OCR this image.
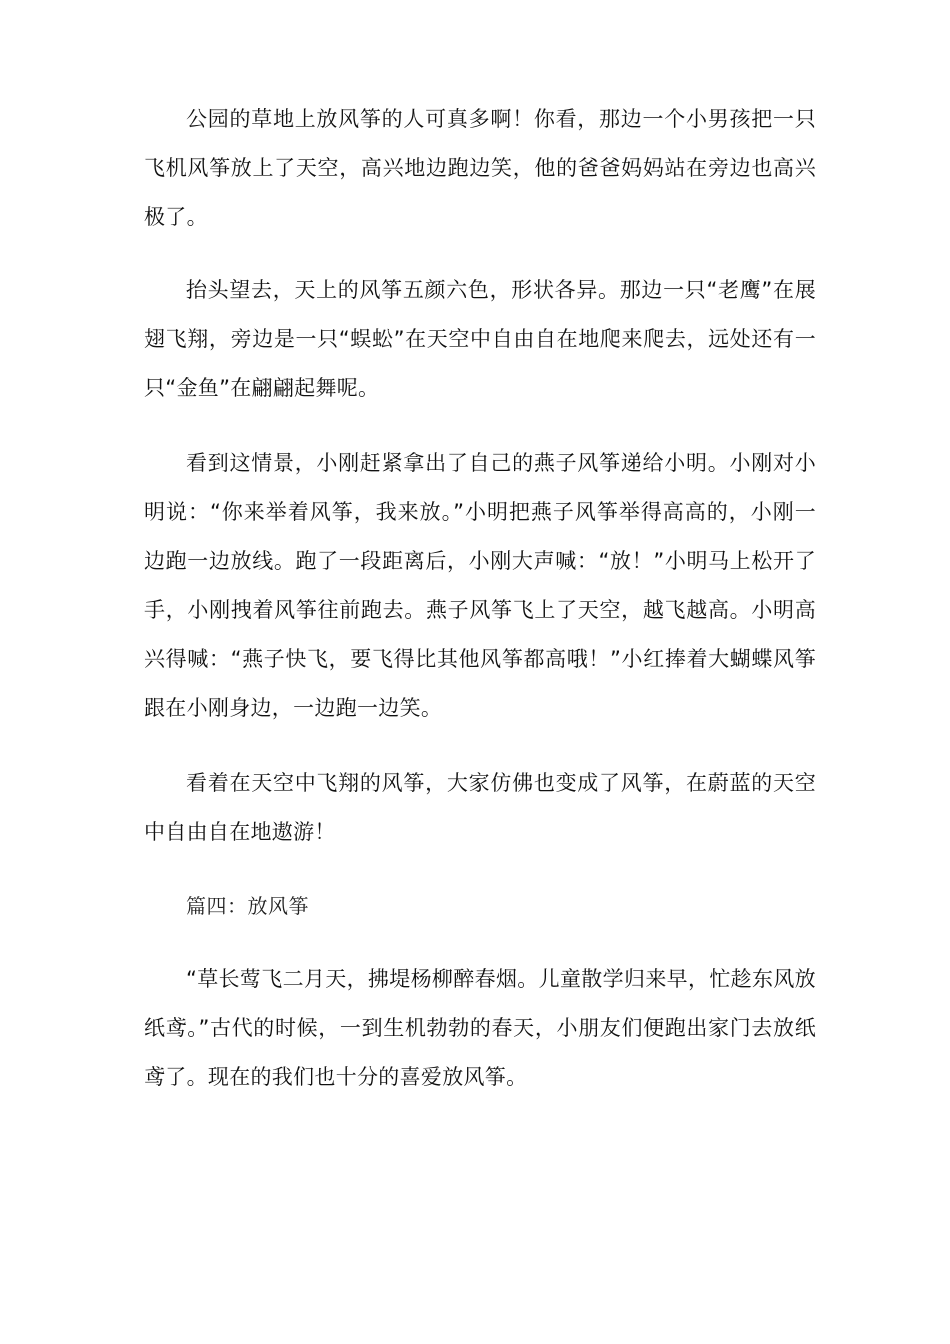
公园的草地上放风筝的人可真多啊！你看，那边一个小男孩把一只飞机风筝放上了天空，高兴地边跑边笑，他的爸爸妈妈站在旁边也高兴极了。

抬头望去，天上的风筝五颜六色，形状各异。那边一只“老鹰”在展翅飞翔，旁边是一只“蜈蚣”在天空中自由自在地爬来爬去，远处还有一只“金鱼”在翩翩起舞呢。

看到这情景，小刚赶紧拿出了自己的燕子风筝递给小明。小刚对小明说：“你来举着风筝，我来放。”小明把燕子风筝举得高高的，小刚一边跑一边放线。跑了一段距离后，小刚大声喊：“放！”小明马上松开了手，小刚拽着风筝往前跑去。燕子风筝飞上了天空，越飞越高。小明高兴得喊：“燕子快飞，要飞得比其他风筝都高哦！”小红捧着大蝴蝶风筝跟在小刚身边，一边跑一边笑。

看着在天空中飞翔的风筝，大家仿佛也变成了风筝，在蔚蓝的天空中自由自在地遨游！

篇四：放风筝

“草长莺飞二月天，拂堤杨柳醉春烟。儿童散学归来早，忙趁东风放纸鸢。”古代的时候，一到生机勃勃的春天，小朋友们便跑出家门去放纸鸢了。现在的我们也十分的喜爱放风筝。
